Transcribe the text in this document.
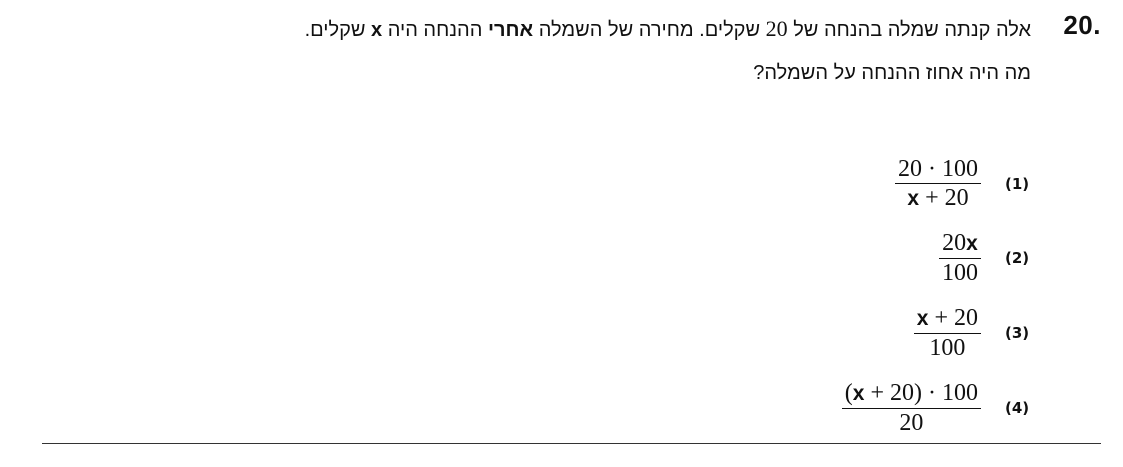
20.
אלה קנתה שמלה בהנחה של 20 שקלים. מחירה של השמלה אחרי ההנחה היה x שקלים.
מה היה אחוז ההנחה על השמלה?
$\frac{20 \cdot 100}{x + 20} (1)$
$\frac{20x}{100} (2)$
$\frac{x + 20}{100} (3)$
$\frac{(x + 20) \cdot 100}{20} (4)$
